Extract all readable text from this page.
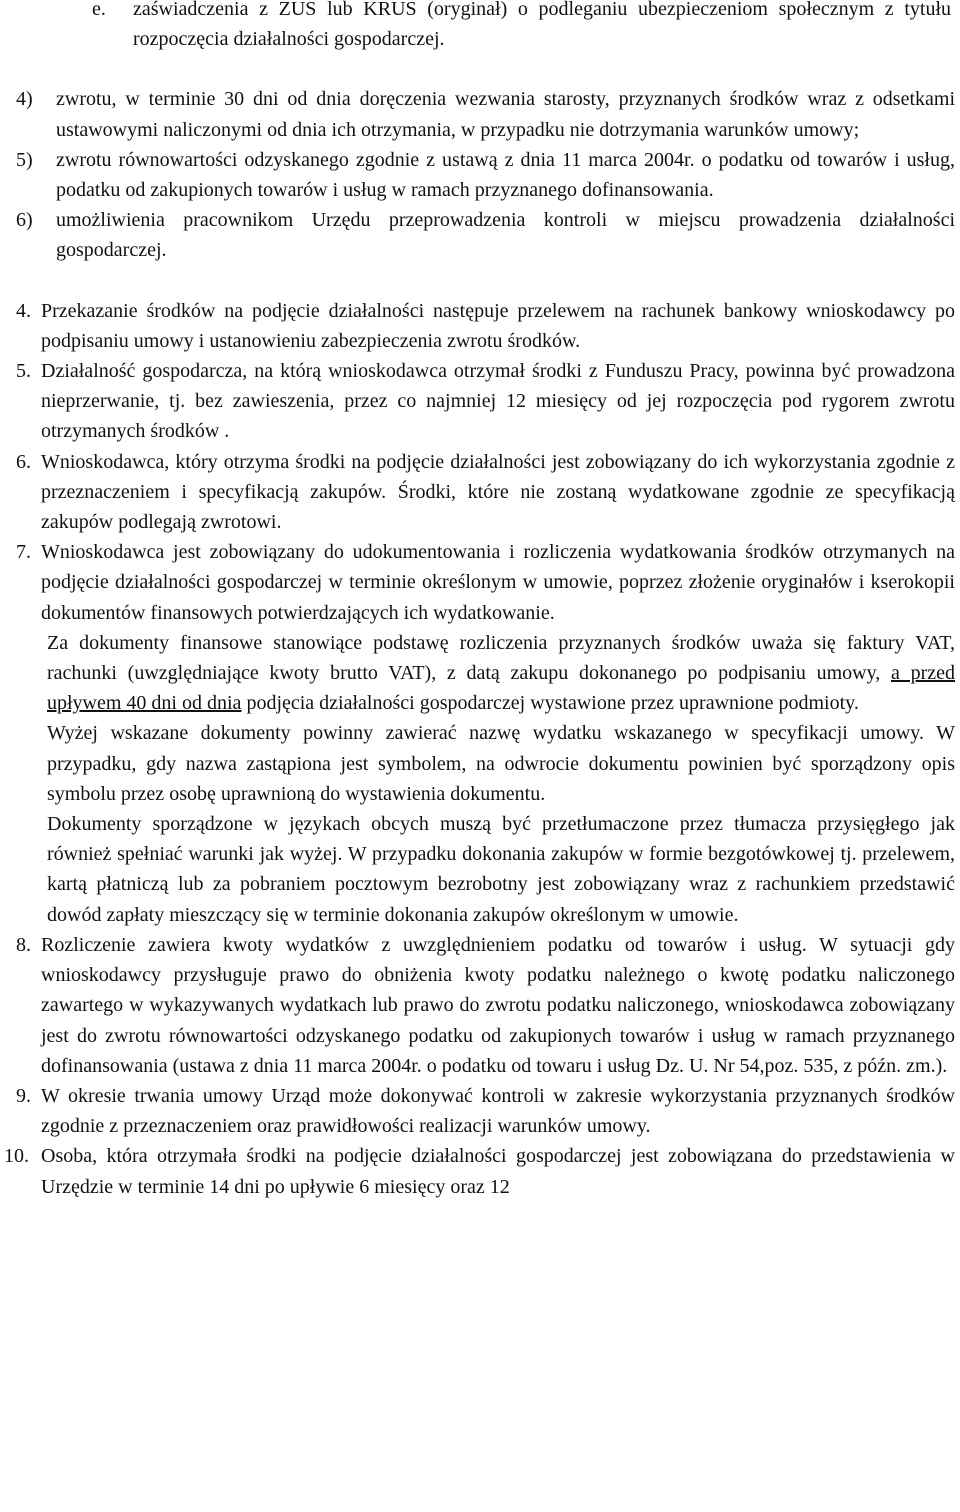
e. zaświadczenia z ZUS lub KRUS (oryginał) o podleganiu ubezpieczeniom społecznym z tytułu rozpoczęcia działalności gospodarczej.
4) zwrotu, w terminie 30 dni od dnia doręczenia wezwania starosty, przyznanych środków wraz z odsetkami ustawowymi naliczonymi od dnia ich otrzymania, w przypadku nie dotrzymania warunków umowy;
5) zwrotu równowartości odzyskanego zgodnie z ustawą z dnia 11 marca 2004r. o podatku od towarów i usług, podatku od zakupionych towarów i usług w ramach przyznanego dofinansowania.
6) umożliwienia pracownikom Urzędu przeprowadzenia kontroli w miejscu prowadzenia działalności gospodarczej.
4. Przekazanie środków na podjęcie działalności następuje przelewem na rachunek bankowy wnioskodawcy po podpisaniu umowy i ustanowieniu zabezpieczenia zwrotu środków.
5. Działalność gospodarcza, na którą wnioskodawca otrzymał środki z Funduszu Pracy, powinna być prowadzona nieprzerwanie, tj. bez zawieszenia, przez co najmniej 12 miesięcy od jej rozpoczęcia pod rygorem zwrotu otrzymanych środków .
6. Wnioskodawca, który otrzyma środki na podjęcie działalności jest zobowiązany do ich wykorzystania zgodnie z przeznaczeniem i specyfikacją zakupów. Środki, które nie zostaną wydatkowane zgodnie ze specyfikacją zakupów podlegają zwrotowi.
7. Wnioskodawca jest zobowiązany do udokumentowania i rozliczenia wydatkowania środków otrzymanych na podjęcie działalności gospodarczej w terminie określonym w umowie, poprzez złożenie oryginałów i kserokopii dokumentów finansowych potwierdzających ich wydatkowanie.

Za dokumenty finansowe stanowiące podstawę rozliczenia przyznanych środków uważa się faktury VAT, rachunki (uwzględniające kwoty brutto VAT), z datą zakupu dokonanego po podpisaniu umowy, a przed upływem 40 dni od dnia podjęcia działalności gospodarczej wystawione przez uprawnione podmioty.

Wyżej wskazane dokumenty powinny zawierać nazwę wydatku wskazanego w specyfikacji umowy. W przypadku, gdy nazwa zastąpiona jest symbolem, na odwrocie dokumentu powinien być sporządzony opis symbolu przez osobę uprawnioną do wystawienia dokumentu.

Dokumenty sporządzone w językach obcych muszą być przetłumaczone przez tłumacza przysięgłego jak również spełniać warunki jak wyżej. W przypadku dokonania zakupów w formie bezgotówkowej tj. przelewem, kartą płatniczą lub za pobraniem pocztowym bezrobotny jest zobowiązany wraz z rachunkiem przedstawić dowód zapłaty mieszczący się w terminie dokonania zakupów określonym w umowie.

8. Rozliczenie zawiera kwoty wydatków z uwzględnieniem podatku od towarów i usług. W sytuacji gdy wnioskodawcy przysługuje prawo do obniżenia kwoty podatku należnego o kwotę podatku naliczonego zawartego w wykazywanych wydatkach lub prawo do zwrotu podatku naliczonego, wnioskodawca zobowiązany jest do zwrotu równowartości odzyskanego podatku od zakupionych towarów i usług w ramach przyznanego dofinansowania (ustawa z dnia 11 marca 2004r. o podatku od towaru i usług Dz. U. Nr 54,poz. 535, z późn. zm.).
9. W okresie trwania umowy Urząd może dokonywać kontroli w zakresie wykorzystania przyznanych środków zgodnie z przeznaczeniem oraz prawidłowości realizacji warunków umowy.
10. Osoba, która otrzymała środki na podjęcie działalności gospodarczej jest zobowiązana do przedstawienia w Urzędzie w terminie 14 dni po upływie 6 miesięcy oraz 12
